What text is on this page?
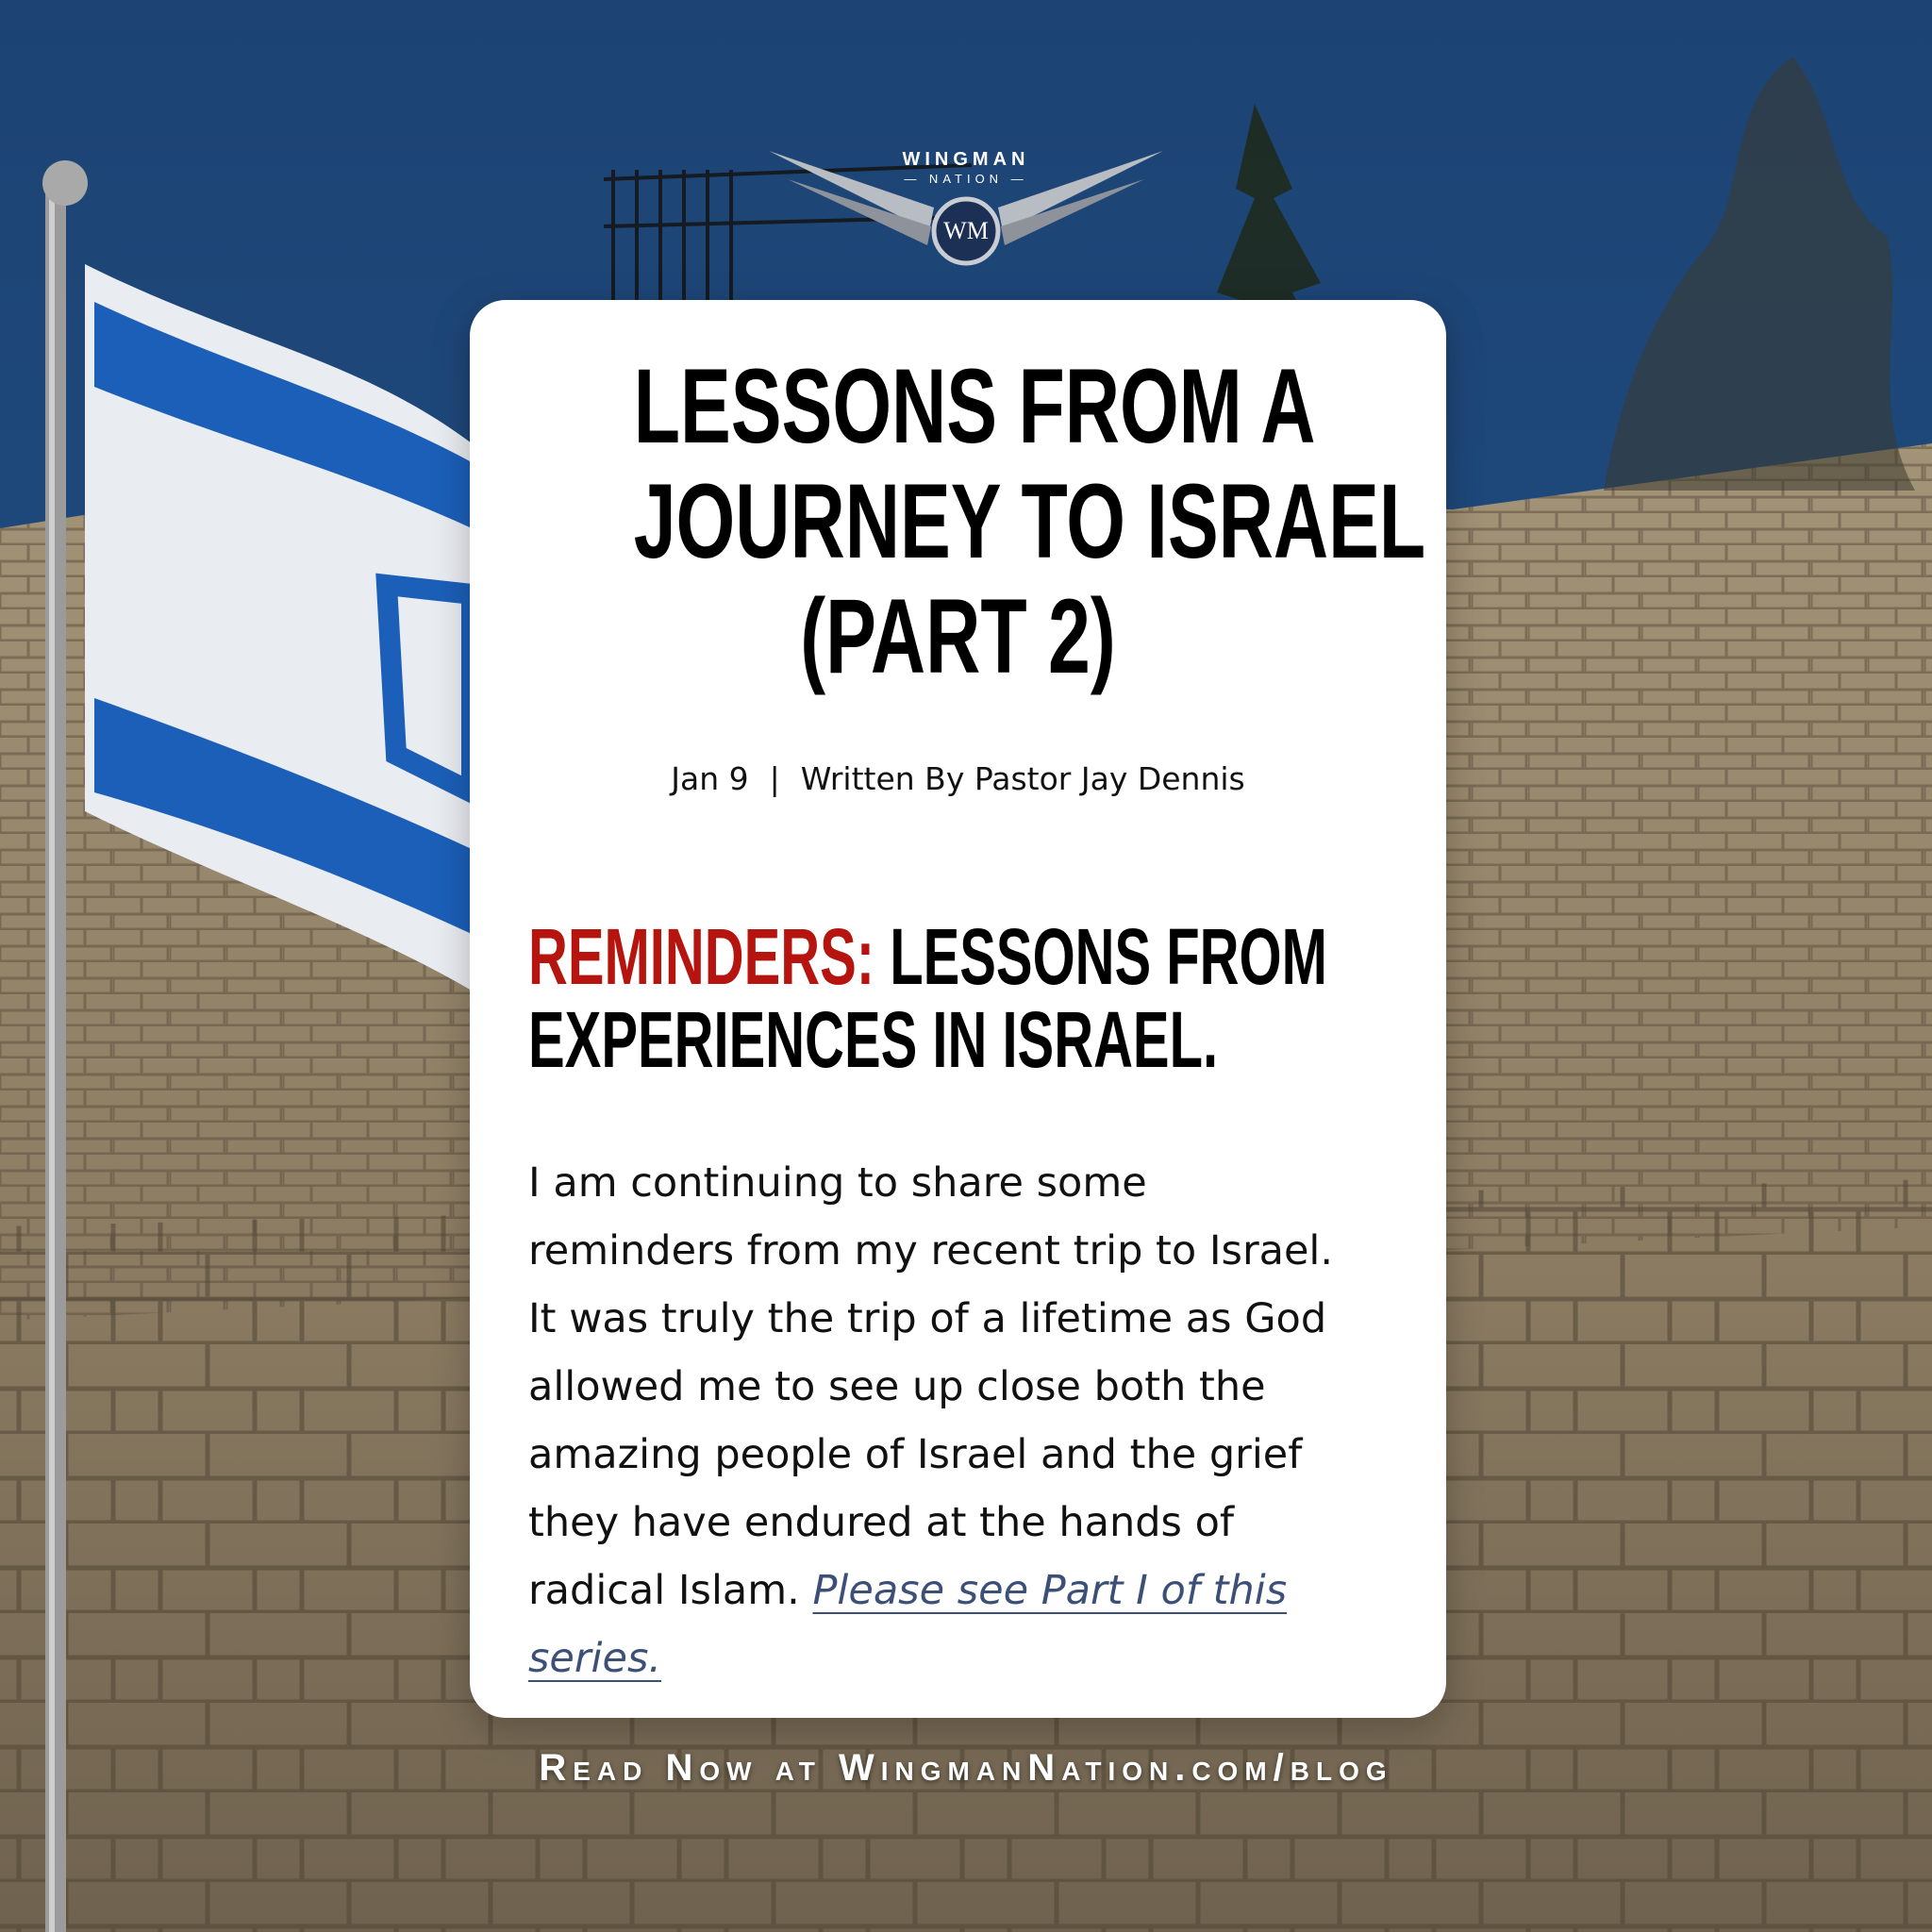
WINGMAN
— NATION —
WM
LESSONS FROM A
JOURNEY TO ISRAEL
(PART 2)
Jan 9 | Written By Pastor Jay Dennis
REMINDERS: LESSONS FROM
EXPERIENCES IN ISRAEL.
I am continuing to share some
reminders from my recent trip to Israel.
It was truly the trip of a lifetime as God
allowed me to see up close both the
amazing people of Israel and the grief
they have endured at the hands of
radical Islam. Please see Part I of this
series.
Read Now at WingmanNation.com/blog
